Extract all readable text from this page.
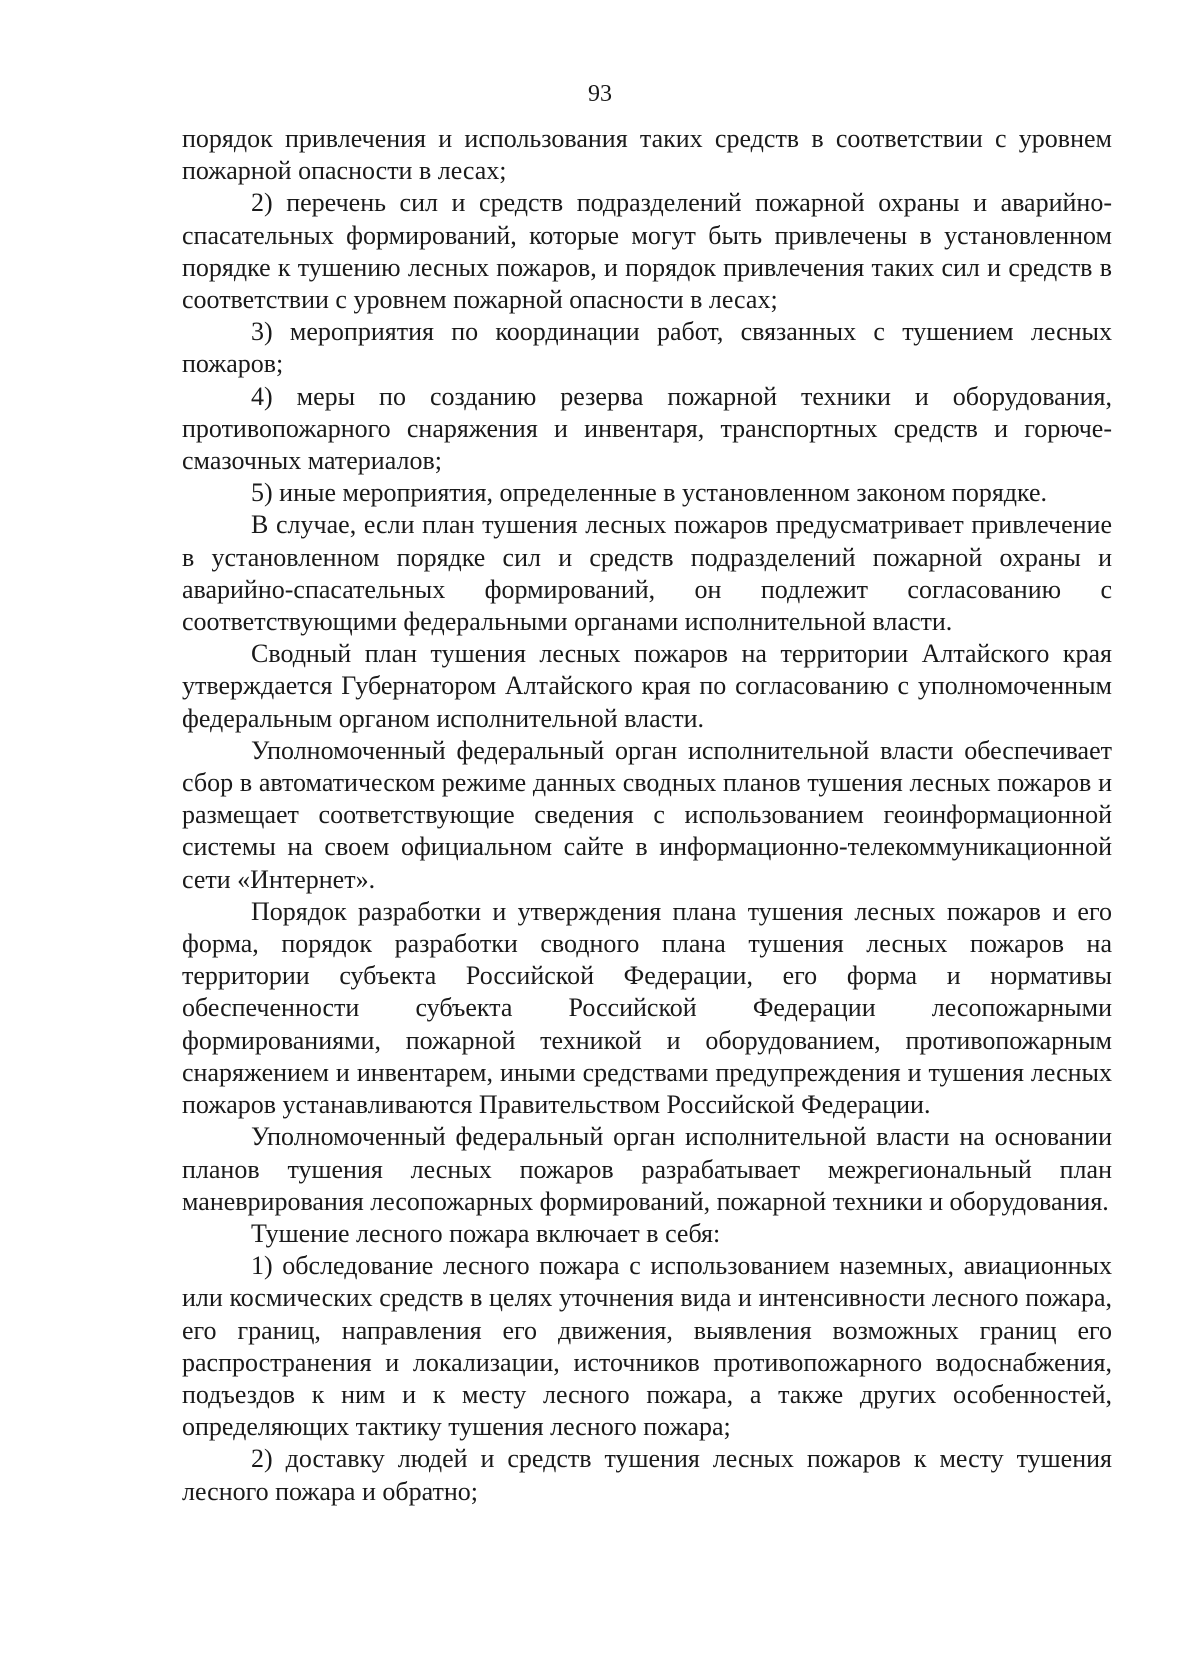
93

порядок привлечения и использования таких средств в соответствии с уровнем пожарной опасности в лесах;

2) перечень сил и средств подразделений пожарной охраны и аварийно-спасательных формирований, которые могут быть привлечены в установленном порядке к тушению лесных пожаров, и порядок привлечения таких сил и средств в соответствии с уровнем пожарной опасности в лесах;

3) мероприятия по координации работ, связанных с тушением лесных пожаров;

4) меры по созданию резерва пожарной техники и оборудования, противопожарного снаряжения и инвентаря, транспортных средств и горюче-смазочных материалов;

5) иные мероприятия, определенные в установленном законом порядке.

В случае, если план тушения лесных пожаров предусматривает привлечение в установленном порядке сил и средств подразделений пожарной охраны и аварийно-спасательных формирований, он подлежит согласованию с соответствующими федеральными органами исполнительной власти.

Сводный план тушения лесных пожаров на территории Алтайского края утверждается Губернатором Алтайского края по согласованию с уполномоченным федеральным органом исполнительной власти.

Уполномоченный федеральный орган исполнительной власти обеспечивает сбор в автоматическом режиме данных сводных планов тушения лесных пожаров и размещает соответствующие сведения с использованием геоинформационной системы на своем официальном сайте в информационно-телекоммуникационной сети «Интернет».

Порядок разработки и утверждения плана тушения лесных пожаров и его форма, порядок разработки сводного плана тушения лесных пожаров на территории субъекта Российской Федерации, его форма и нормативы обеспеченности субъекта Российской Федерации лесопожарными формированиями, пожарной техникой и оборудованием, противопожарным снаряжением и инвентарем, иными средствами предупреждения и тушения лесных пожаров устанавливаются Правительством Российской Федерации.

Уполномоченный федеральный орган исполнительной власти на основании планов тушения лесных пожаров разрабатывает межрегиональный план маневрирования лесопожарных формирований, пожарной техники и оборудования.

Тушение лесного пожара включает в себя:

1) обследование лесного пожара с использованием наземных, авиационных или космических средств в целях уточнения вида и интенсивности лесного пожара, его границ, направления его движения, выявления возможных границ его распространения и локализации, источников противопожарного водоснабжения, подъездов к ним и к месту лесного пожара, а также других особенностей, определяющих тактику тушения лесного пожара;

2) доставку людей и средств тушения лесных пожаров к месту тушения лесного пожара и обратно;
